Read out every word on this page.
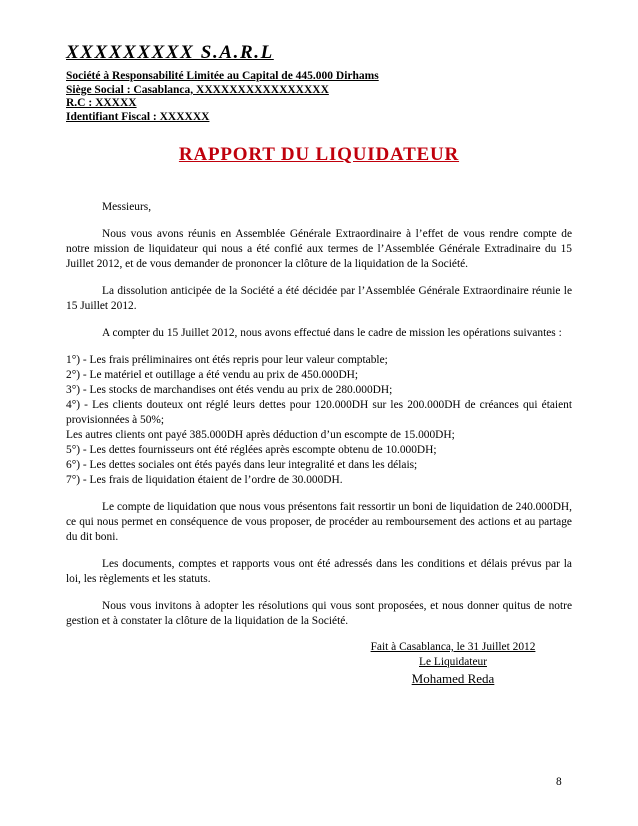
XXXXXXXXX S.A.R.L
Société à Responsabilité Limitée au Capital de 445.000 Dirhams
Siège Social : Casablanca, XXXXXXXXXXXXXXXX
R.C : XXXXX
Identifiant Fiscal : XXXXXX
RAPPORT DU LIQUIDATEUR

Messieurs,

Nous vous avons réunis en Assemblée Générale Extraordinaire à l’effet de vous rendre compte de notre mission de liquidateur qui nous a été confié aux termes de l’Assemblée Générale Extradinaire du 15 Juillet 2012, et de vous demander de prononcer la clôture de la liquidation de la Société.

La dissolution anticipée de la Société a été décidée par l’Assemblée Générale Extraordinaire réunie le 15 Juillet 2012.

A compter du 15 Juillet 2012, nous avons effectué dans le cadre de mission les opérations suivantes :

1°) - Les frais préliminaires ont étés repris pour leur valeur comptable;

2°) - Le matériel et outillage a été vendu au prix de 450.000DH;

3°) - Les stocks de marchandises ont étés vendu au prix de 280.000DH;

4°) - Les clients douteux ont réglé leurs dettes pour 120.000DH sur les 200.000DH de créances qui étaient provisionnées à 50%;

Les autres clients ont payé 385.000DH après déduction d’un escompte de 15.000DH;

5°) - Les dettes fournisseurs ont été réglées après escompte obtenu de 10.000DH;

6°) - Les dettes sociales ont étés payés dans leur integralité et dans les délais;

7°) - Les frais de liquidation étaient de l’ordre de 30.000DH.

Le compte de liquidation que nous vous présentons fait ressortir un boni de liquidation de 240.000DH, ce qui nous permet en conséquence de vous proposer, de procéder au remboursement des actions et au partage du dit boni.

Les documents, comptes et rapports vous ont été adressés dans les conditions et délais prévus par la loi, les règlements et les statuts.

Nous vous invitons à adopter les résolutions qui vous sont proposées, et nous donner quitus de notre gestion et à constater la clôture de la liquidation de la Société.

Fait à Casablanca, le 31 Juillet 2012
Le Liquidateur
Mohamed Reda
8
